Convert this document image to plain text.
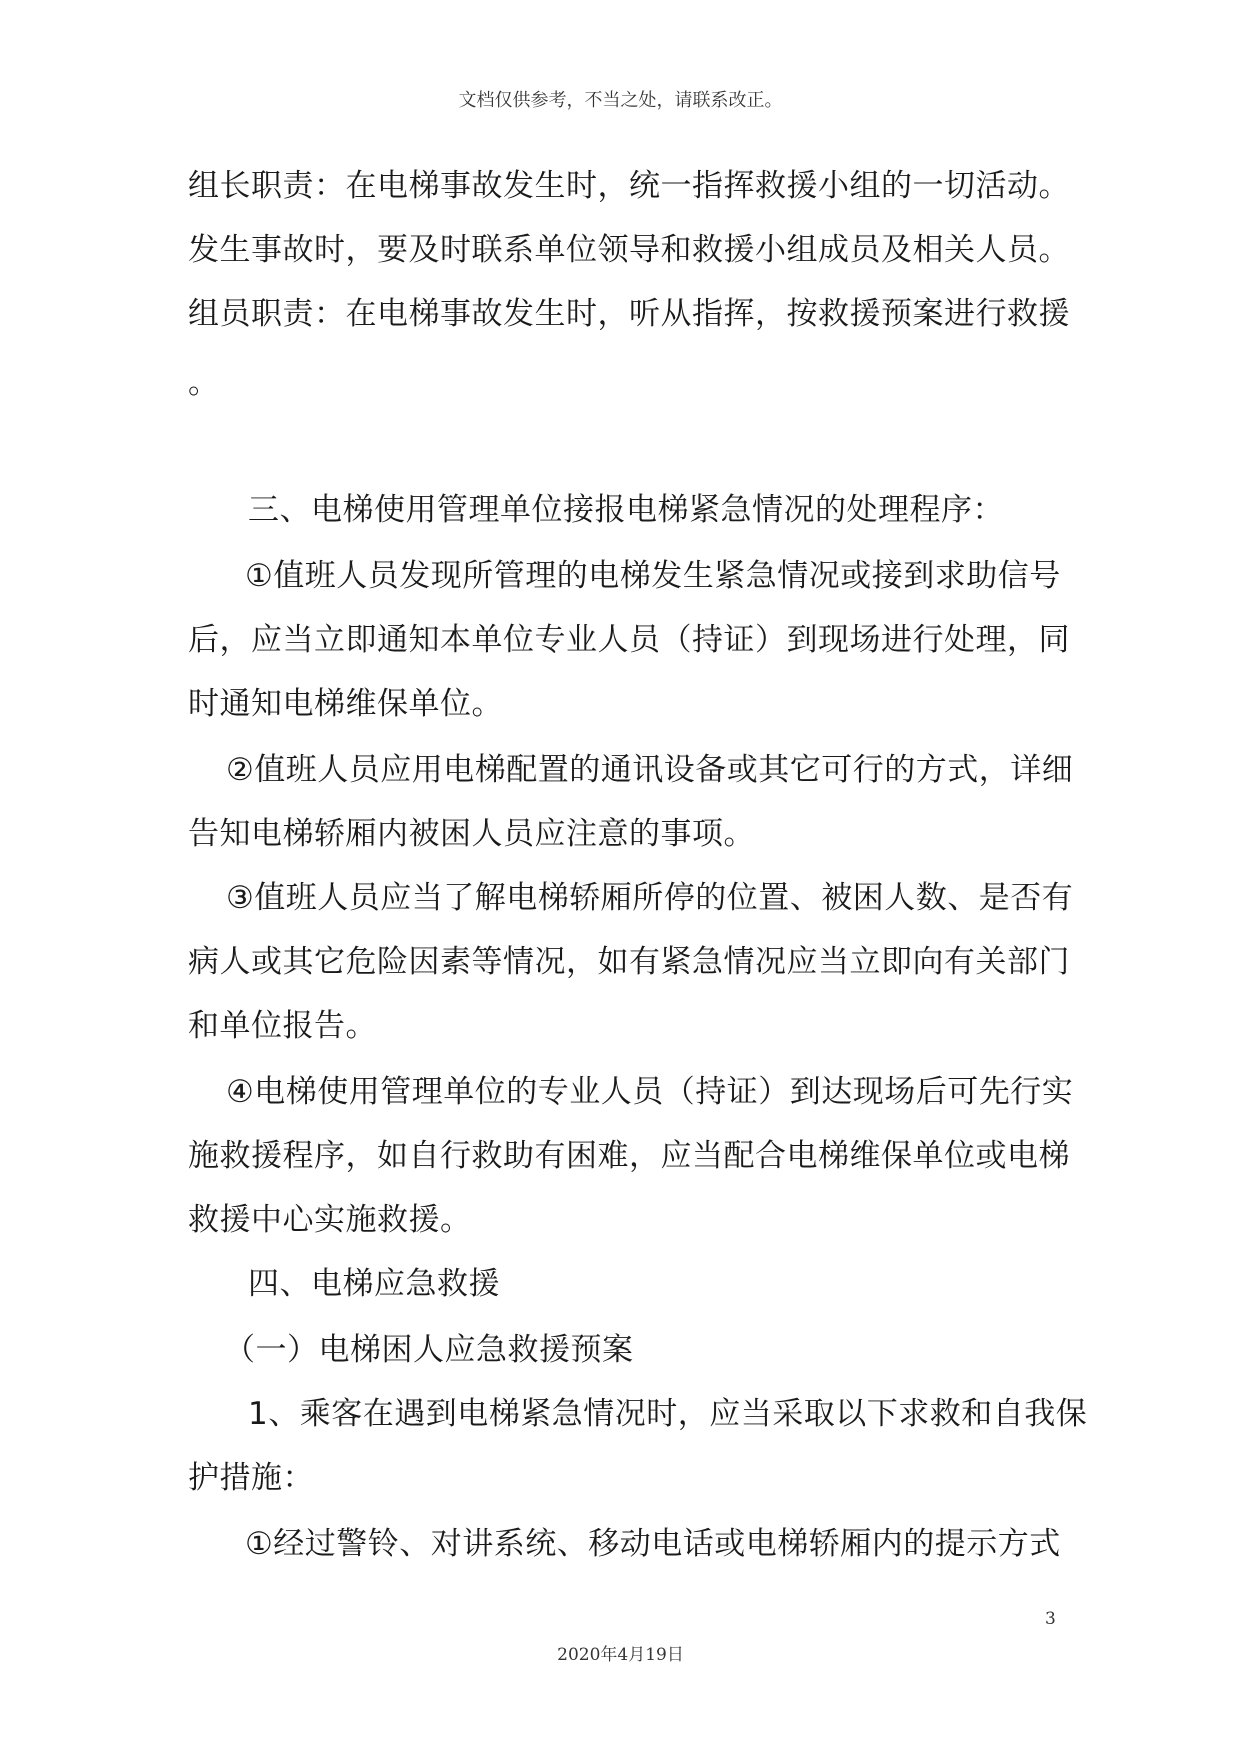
文档仅供参考，不当之处，请联系改正。
组长职责：在电梯事故发生时，统一指挥救援小组的一切活动。
发生事故时，要及时联系单位领导和救援小组成员及相关人员。
组员职责：在电梯事故发生时，听从指挥，按救援预案进行救援
。
三、电梯使用管理单位接报电梯紧急情况的处理程序：
①值班人员发现所管理的电梯发生紧急情况或接到求助信号
后，应当立即通知本单位专业人员（持证）到现场进行处理，同
时通知电梯维保单位。
②值班人员应用电梯配置的通讯设备或其它可行的方式，详细
告知电梯轿厢内被困人员应注意的事项。
③值班人员应当了解电梯轿厢所停的位置、被困人数、是否有
病人或其它危险因素等情况，如有紧急情况应当立即向有关部门
和单位报告。
④电梯使用管理单位的专业人员（持证）到达现场后可先行实
施救援程序，如自行救助有困难，应当配合电梯维保单位或电梯
救援中心实施救援。
四、电梯应急救援
（一）电梯困人应急救援预案
1、乘客在遇到电梯紧急情况时，应当采取以下求救和自我保
护措施：
①经过警铃、对讲系统、移动电话或电梯轿厢内的提示方式
3
2020年4月19日
